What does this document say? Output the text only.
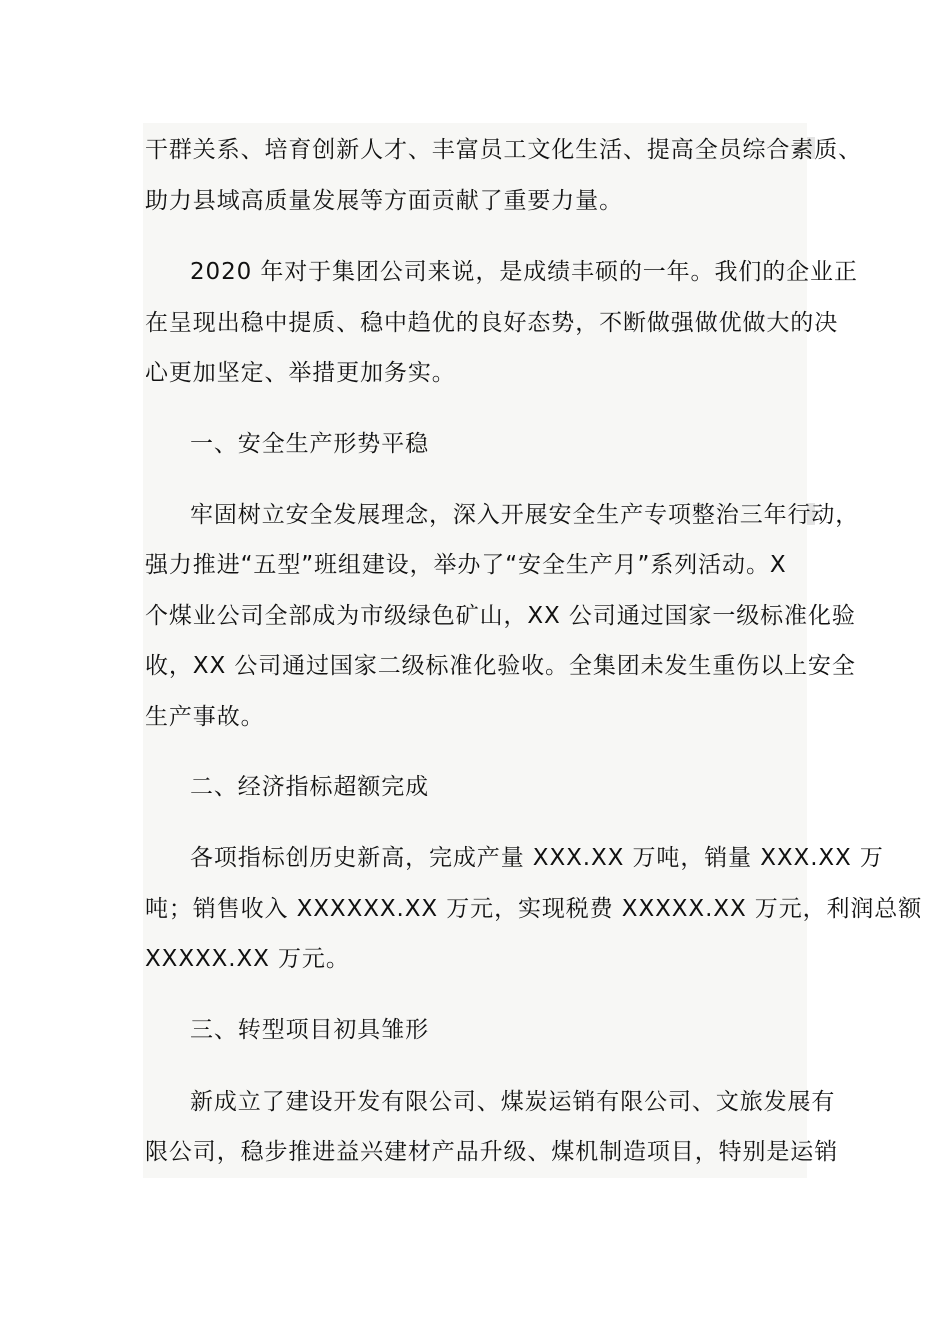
干群关系、培育创新人才、丰富员工文化生活、提高全员综合素质、
助力县域高质量发展等方面贡献了重要力量。
2020 年对于集团公司来说，是成绩丰硕的一年。我们的企业正
在呈现出稳中提质、稳中趋优的良好态势，不断做强做优做大的决
心更加坚定、举措更加务实。
一、安全生产形势平稳
牢固树立安全发展理念，深入开展安全生产专项整治三年行动，
强力推进“五型”班组建设，举办了“安全生产月”系列活动。X
个煤业公司全部成为市级绿色矿山，XX 公司通过国家一级标准化验
收，XX 公司通过国家二级标准化验收。全集团未发生重伤以上安全
生产事故。
二、经济指标超额完成
各项指标创历史新高，完成产量 XXX.XX 万吨，销量 XXX.XX 万
吨；销售收入 XXXXXX.XX 万元，实现税费 XXXXX.XX 万元，利润总额
XXXXX.XX 万元。
三、转型项目初具雏形
新成立了建设开发有限公司、煤炭运销有限公司、文旅发展有
限公司，稳步推进益兴建材产品升级、煤机制造项目，特别是运销
